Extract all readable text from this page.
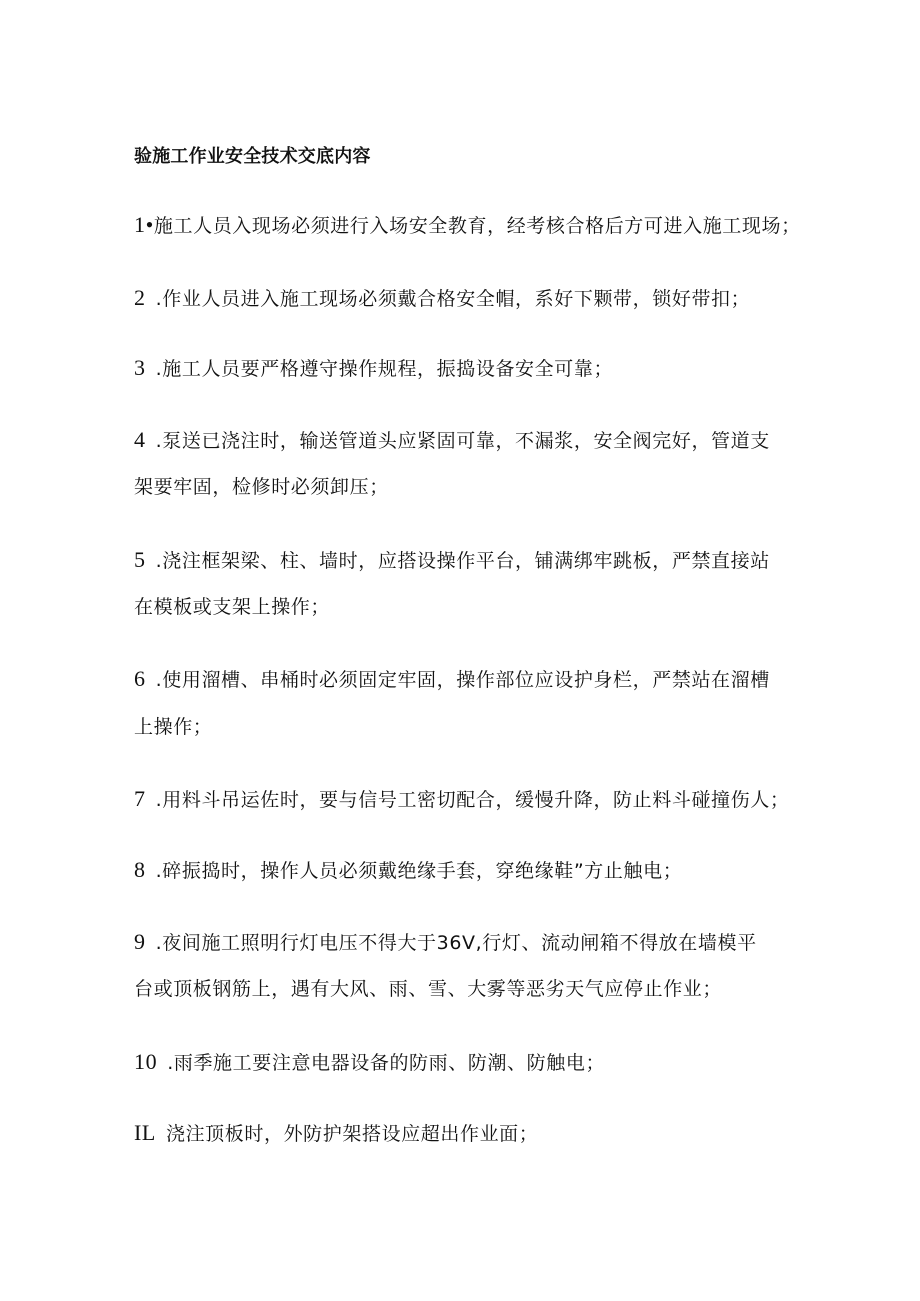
验施工作业安全技术交底内容
1•施工人员入现场必须进行入场安全教育，经考核合格后方可进入施工现场；
2 .作业人员进入施工现场必须戴合格安全帽，系好下颗带，锁好带扣；
3 .施工人员要严格遵守操作规程，振捣设备安全可靠；
4 .泵送已浇注时，输送管道头应紧固可靠，不漏浆，安全阀完好，管道支
架要牢固，检修时必须卸压；
5 .浇注框架梁、柱、墙时，应搭设操作平台，铺满绑牢跳板，严禁直接站
在模板或支架上操作；
6 .使用溜槽、串桶时必须固定牢固，操作部位应设护身栏，严禁站在溜槽
上操作；
7 .用料斗吊运佐时，要与信号工密切配合，缓慢升降，防止料斗碰撞伤人；
8 .碎振捣时，操作人员必须戴绝缘手套，穿绝缘鞋”方止触电；
9 .夜间施工照明行灯电压不得大于36V,行灯、流动闸箱不得放在墙模平
台或顶板钢筋上，遇有大风、雨、雪、大雾等恶劣天气应停止作业；
10 .雨季施工要注意电器设备的防雨、防潮、防触电；
IL 浇注顶板时，外防护架搭设应超出作业面；
